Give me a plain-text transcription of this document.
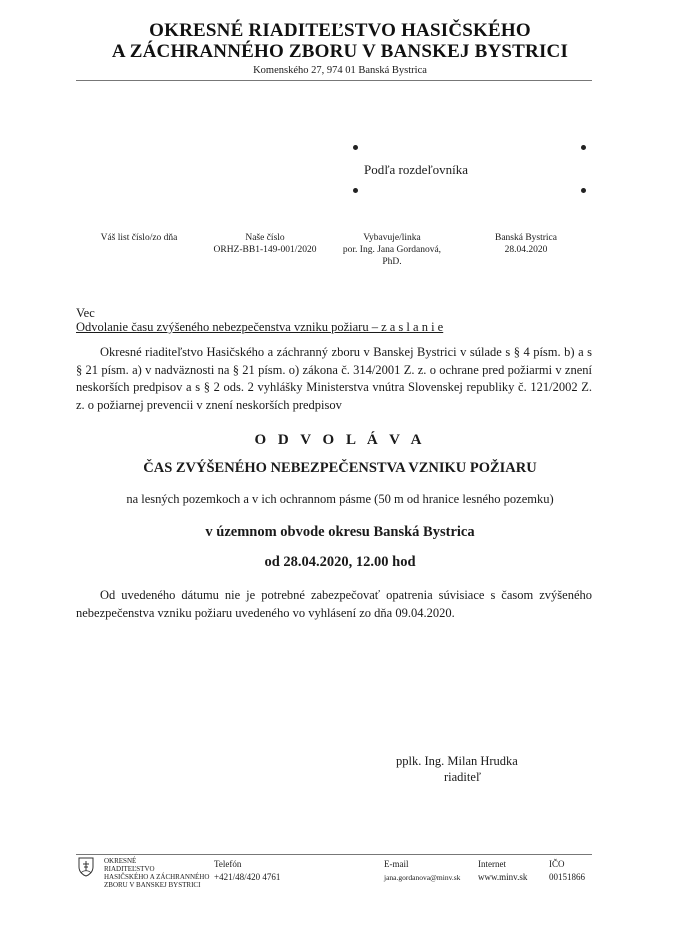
OKRESNÉ RIADITEĽSTVO HASIČSKÉHO
A ZÁCHRANNÉHO ZBORU V BANSKEJ BYSTRICI
Komenského 27, 974 01 Banská Bystrica
Podľa rozdeľovníka
Váš list číslo/zo dňa	Naše číslo
ORHZ-BB1-149-001/2020
Vybavuje/linka
por. Ing. Jana Gordanová,
PhD.
Banská Bystrica
28.04.2020
Vec
Odvolanie času zvýšeného nebezpečenstva vzniku požiaru – z a s l a n i e
Okresné riaditeľstvo Hasičského a záchranný zboru v Banskej Bystrici v súlade s § 4 písm. b) a s § 21 písm. a) v nadväznosti na § 21 písm. o) zákona č. 314/2001 Z. z. o ochrane pred požiarmi v znení neskorších predpisov a s § 2 ods. 2 vyhlášky Ministerstva vnútra Slovenskej republiky č. 121/2002 Z. z. o požiarnej prevencii v znení neskorších predpisov
O D V O L Á V A
ČAS ZVÝŠENÉHO NEBEZPEČENSTVA VZNIKU POŽIARU
na lesných pozemkoch a v ich ochrannom pásme (50 m od hranice lesného pozemku)
v územnom obvode okresu Banská Bystrica
od 28.04.2020, 12.00 hod
Od uvedeného dátumu nie je potrebné zabezpečovať opatrenia súvisiace s časom zvýšeného nebezpečenstva vzniku požiaru uvedeného vo vyhlásení zo dňa 09.04.2020.
pplk. Ing. Milan Hrudka
riaditeľ
OKRESNÉ
RIADITEĽSTVO
HASIČSKÉHO A ZÁCHRANNÉHO
ZBORU V BANSKEJ BYSTRICI
Telefón
+421/48/420 4761
E-mail
jana.gordanova@minv.sk
Internet
www.minv.sk
IČO
00151866
